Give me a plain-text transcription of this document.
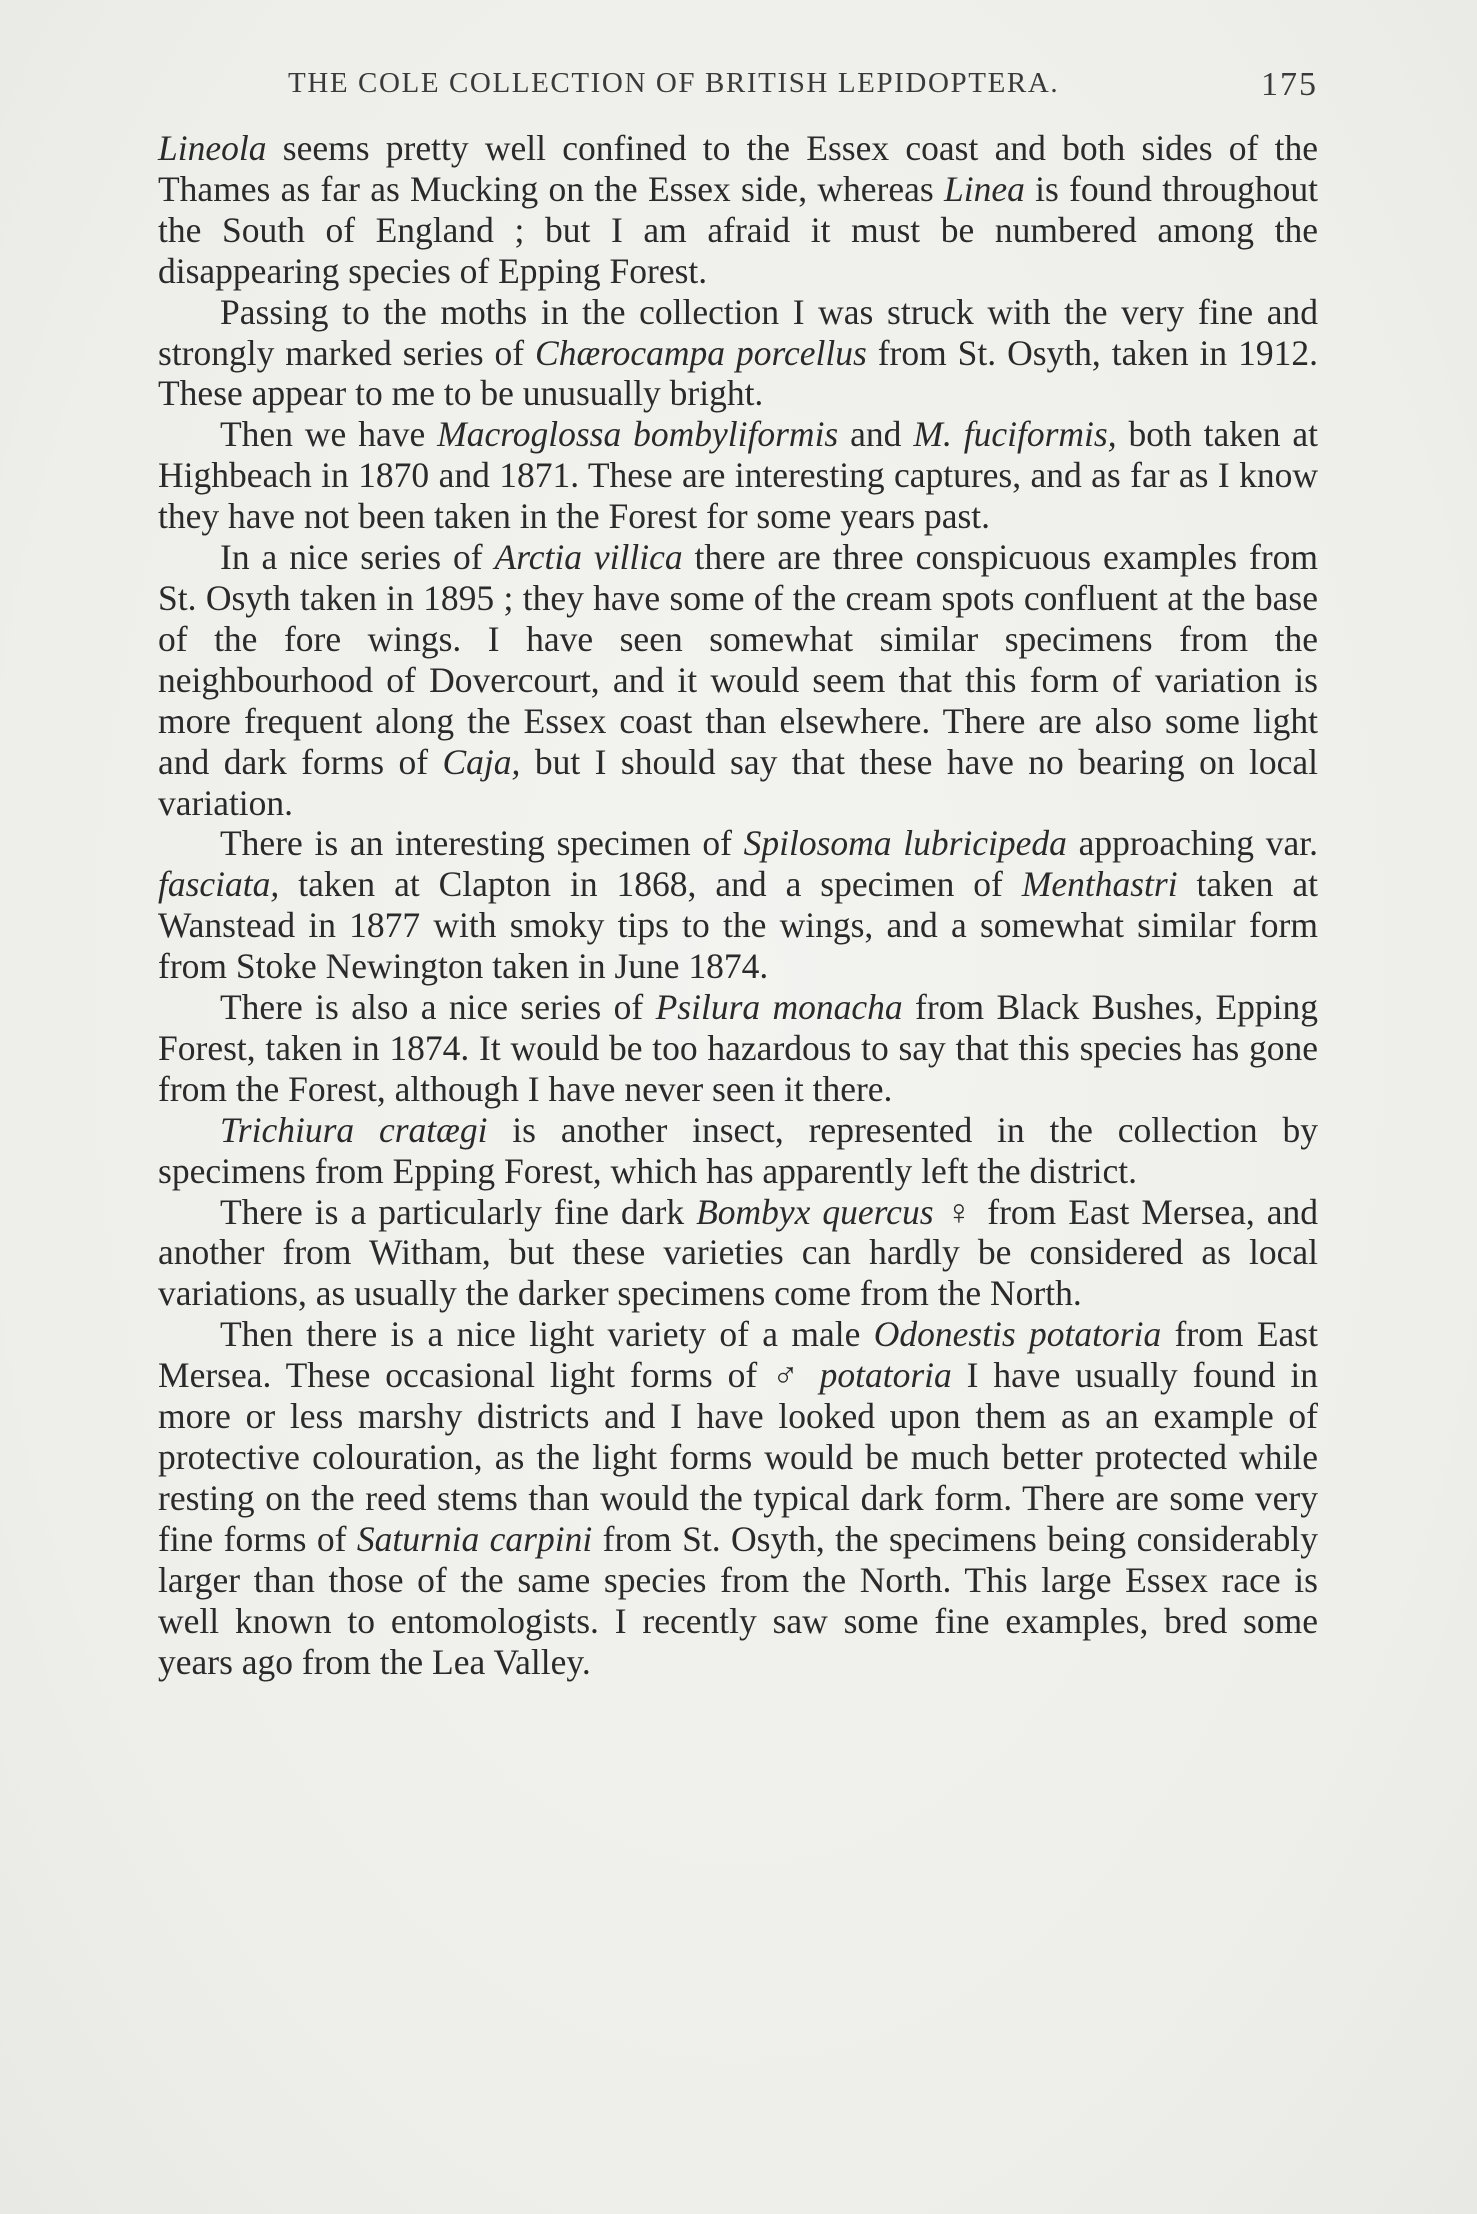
THE COLE COLLECTION OF BRITISH LEPIDOPTERA.	175

Lineola seems pretty well confined to the Essex coast and both sides of the Thames as far as Mucking on the Essex side, whereas Linea is found throughout the South of England ; but I am afraid it must be numbered among the disappearing species of Epping Forest.

Passing to the moths in the collection I was struck with the very fine and strongly marked series of Chærocampa porcellus from St. Osyth, taken in 1912. These appear to me to be unusually bright.

Then we have Macroglossa bombyliformis and M. fuciformis, both taken at Highbeach in 1870 and 1871. These are interesting captures, and as far as I know they have not been taken in the Forest for some years past.

In a nice series of Arctia villica there are three conspicuous examples from St. Osyth taken in 1895 ; they have some of the cream spots confluent at the base of the fore wings. I have seen somewhat similar specimens from the neighbourhood of Dovercourt, and it would seem that this form of variation is more frequent along the Essex coast than elsewhere. There are also some light and dark forms of Caja, but I should say that these have no bearing on local variation.

There is an interesting specimen of Spilosoma lubricipeda approaching var. fasciata, taken at Clapton in 1868, and a specimen of Menthastri taken at Wanstead in 1877 with smoky tips to the wings, and a somewhat similar form from Stoke Newington taken in June 1874.

There is also a nice series of Psilura monacha from Black Bushes, Epping Forest, taken in 1874. It would be too hazardous to say that this species has gone from the Forest, although I have never seen it there.

Trichiura cratægi is another insect, represented in the collection by specimens from Epping Forest, which has apparently left the district.

There is a particularly fine dark Bombyx quercus ♀ from East Mersea, and another from Witham, but these varieties can hardly be considered as local variations, as usually the darker specimens come from the North.

Then there is a nice light variety of a male Odonestis potatoria from East Mersea. These occasional light forms of ♂ potatoria I have usually found in more or less marshy districts and I have looked upon them as an example of protective colouration, as the light forms would be much better protected while resting on the reed stems than would the typical dark form. There are some very fine forms of Saturnia carpini from St. Osyth, the specimens being considerably larger than those of the same species from the North. This large Essex race is well known to entomologists. I recently saw some fine examples, bred some years ago from the Lea Valley.
